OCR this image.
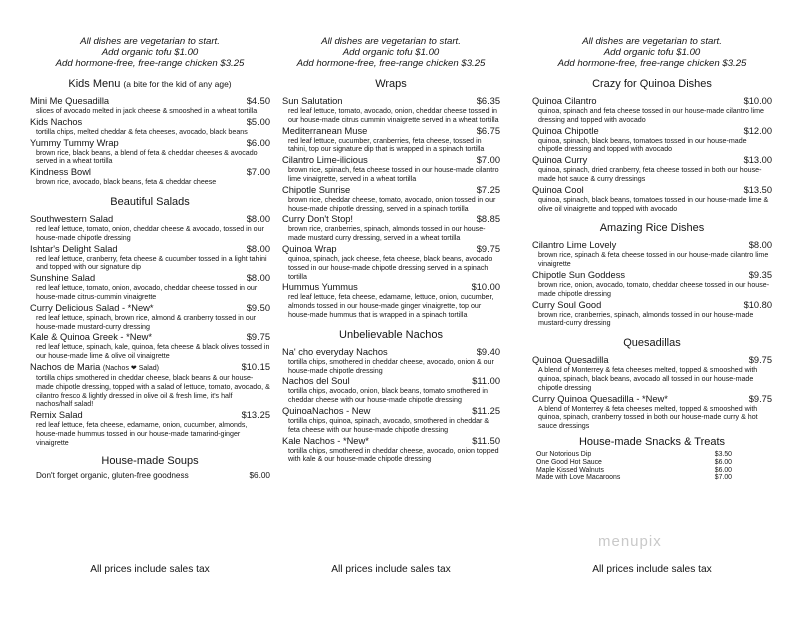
All dishes are vegetarian to start.
Add organic tofu $1.00
Add hormone-free, free-range chicken $3.25
Kids Menu (a bite for the kid of any age)
Mini Me Quesadilla	$4.50
slices of avocado melted in jack cheese & smooshed in a wheat tortilla
Kids Nachos	$5.00
tortilla chips, melted cheddar & feta cheeses, avocado, black beans
Yummy Tummy Wrap	$6.00
brown rice, black beans, a blend of feta & cheddar cheeses & avocado served in a wheat tortilla
Kindness Bowl	$7.00
brown rice, avocado, black beans, feta & cheddar cheese
Beautiful Salads
Southwestern Salad	$8.00
red leaf lettuce, tomato, onion, cheddar cheese & avocado, tossed in our house-made chipotle dressing
Ishtar's Delight Salad	$8.00
red leaf lettuce, cranberry, feta cheese & cucumber tossed in a light tahini and topped with our signature dip
Sunshine Salad	$8.00
red leaf lettuce, tomato, onion, avocado, cheddar cheese tossed in our house-made citrus-cummin vinaigrette
Curry Delicious Salad - *New*	$9.50
red leaf lettuce, spinach, brown rice, almond & cranberry tossed in our house-made mustard-curry dressing
Kale & Quinoa Greek - *New*	$9.75
red leaf lettuce, spinach, kale, quinoa, feta cheese & black olives tossed in our house-made lime & olive oil vinaigrette
Nachos de Maria (Nachos ❤ Salad)	$10.15
tortilla chips smothered in cheddar cheese, black beans & our house-made chipotle dressing, topped with a salad of lettuce, tomato, avocado, & cilantro fresco & lightly dressed in olive oil & fresh lime, it's half nachos/half salad!
Remix Salad	$13.25
red leaf lettuce, feta cheese, edamame, onion, cucumber, almonds, house-made hummus tossed in our house-made tamarind-ginger vinaigrette
House-made Soups
Don't forget organic, gluten-free goodness	$6.00
All dishes are vegetarian to start.
Add organic tofu $1.00
Add hormone-free, free-range chicken $3.25
Wraps
Sun Salutation	$6.35
red leaf lettuce, tomato, avocado, onion, cheddar cheese tossed in our house-made citrus cummin vinaigrette served in a wheat tortilla
Mediterranean Muse	$6.75
red leaf lettuce, cucumber, cranberries, feta cheese, tossed in tahini, top our signature dip that is wrapped in a spinach tortilla
Cilantro Lime-ilicious	$7.00
brown rice, spinach, feta cheese tossed in our house-made cilantro lime vinaigrette, served in a wheat tortilla
Chipotle Sunrise	$7.25
brown rice, cheddar cheese, tomato, avocado, onion tossed in our house-made chipotle dressing, served in a spinach tortilla
Curry Don't Stop!	$8.85
brown rice, cranberries, spinach, almonds tossed in our house-made mustard curry dressing, served in a wheat tortilla
Quinoa Wrap	$9.75
quinoa, spinach, jack cheese, feta cheese, black beans, avocado tossed in our house-made chipotle dressing served in a spinach tortilla
Hummus Yummus	$10.00
red leaf lettuce, feta cheese, edamame, lettuce, onion, cucumber, almonds tossed in our house-made ginger vinaigrette, top our house-made hummus that is wrapped in a spinach tortilla
Unbelievable Nachos
Na' cho everyday Nachos	$9.40
tortilla chips, smothered in cheddar cheese, avocado, onion & our house-made chipotle dressing
Nachos del Soul	$11.00
tortilla chips, avocado, onion, black beans, tomato smothered in cheddar cheese with our house-made chipotle dressing
QuinoaNachos - New	$11.25
tortilla chips, quinoa, spinach, avocado, smothered in cheddar & feta cheese with our house-made chipotle dressing
Kale Nachos - *New*	$11.50
tortilla chips, smothered in cheddar cheese, avocado, onion topped with kale & our house-made chipotle dressing
All dishes are vegetarian to start.
Add organic tofu $1.00
Add hormone-free, free-range chicken $3.25
Crazy for Quinoa Dishes
Quinoa Cilantro	$10.00
quinoa, spinach and feta cheese tossed in our house-made cilantro lime dressing and topped with avocado
Quinoa Chipotle	$12.00
quinoa, spinach, black beans, tomatoes tossed in our house-made chipotle dressing and topped with avocado
Quinoa Curry	$13.00
quinoa, spinach, dried cranberry, feta cheese tossed in both our house-made hot sauce & curry dressings
Quinoa Cool	$13.50
quinoa, spinach, black beans, tomatoes tossed in our house-made lime & olive oil vinaigrette and topped with avocado
Amazing Rice Dishes
Cilantro Lime Lovely	$8.00
brown rice, spinach & feta cheese tossed in our house-made cilantro lime vinaigrette
Chipotle Sun Goddess	$9.35
brown rice, onion, avocado, tomato, cheddar cheese tossed in our house-made chipotle dressing
Curry Soul Good	$10.80
brown rice, cranberries, spinach, almonds tossed in our house-made mustard-curry dressing
Quesadillas
Quinoa Quesadilla	$9.75
A blend of Monterrey & feta cheeses melted, topped & smooshed with quinoa, spinach, black beans, avocado all tossed in our house-made chipotle dressing
Curry Quinoa Quesadilla - *New*	$9.75
A blend of Monterrey & feta cheeses melted, topped & smooshed with quinoa, spinach, cranberry tossed in both our house-made curry & hot sauce dressings
House-made Snacks & Treats
Our Notorious Dip	$3.50
One Good Hot Sauce	$6.00
Maple Kissed Walnuts	$6.00
Made with Love Macaroons	$7.00
menupix
All prices include sales tax	All prices include sales tax	All prices include sales tax
